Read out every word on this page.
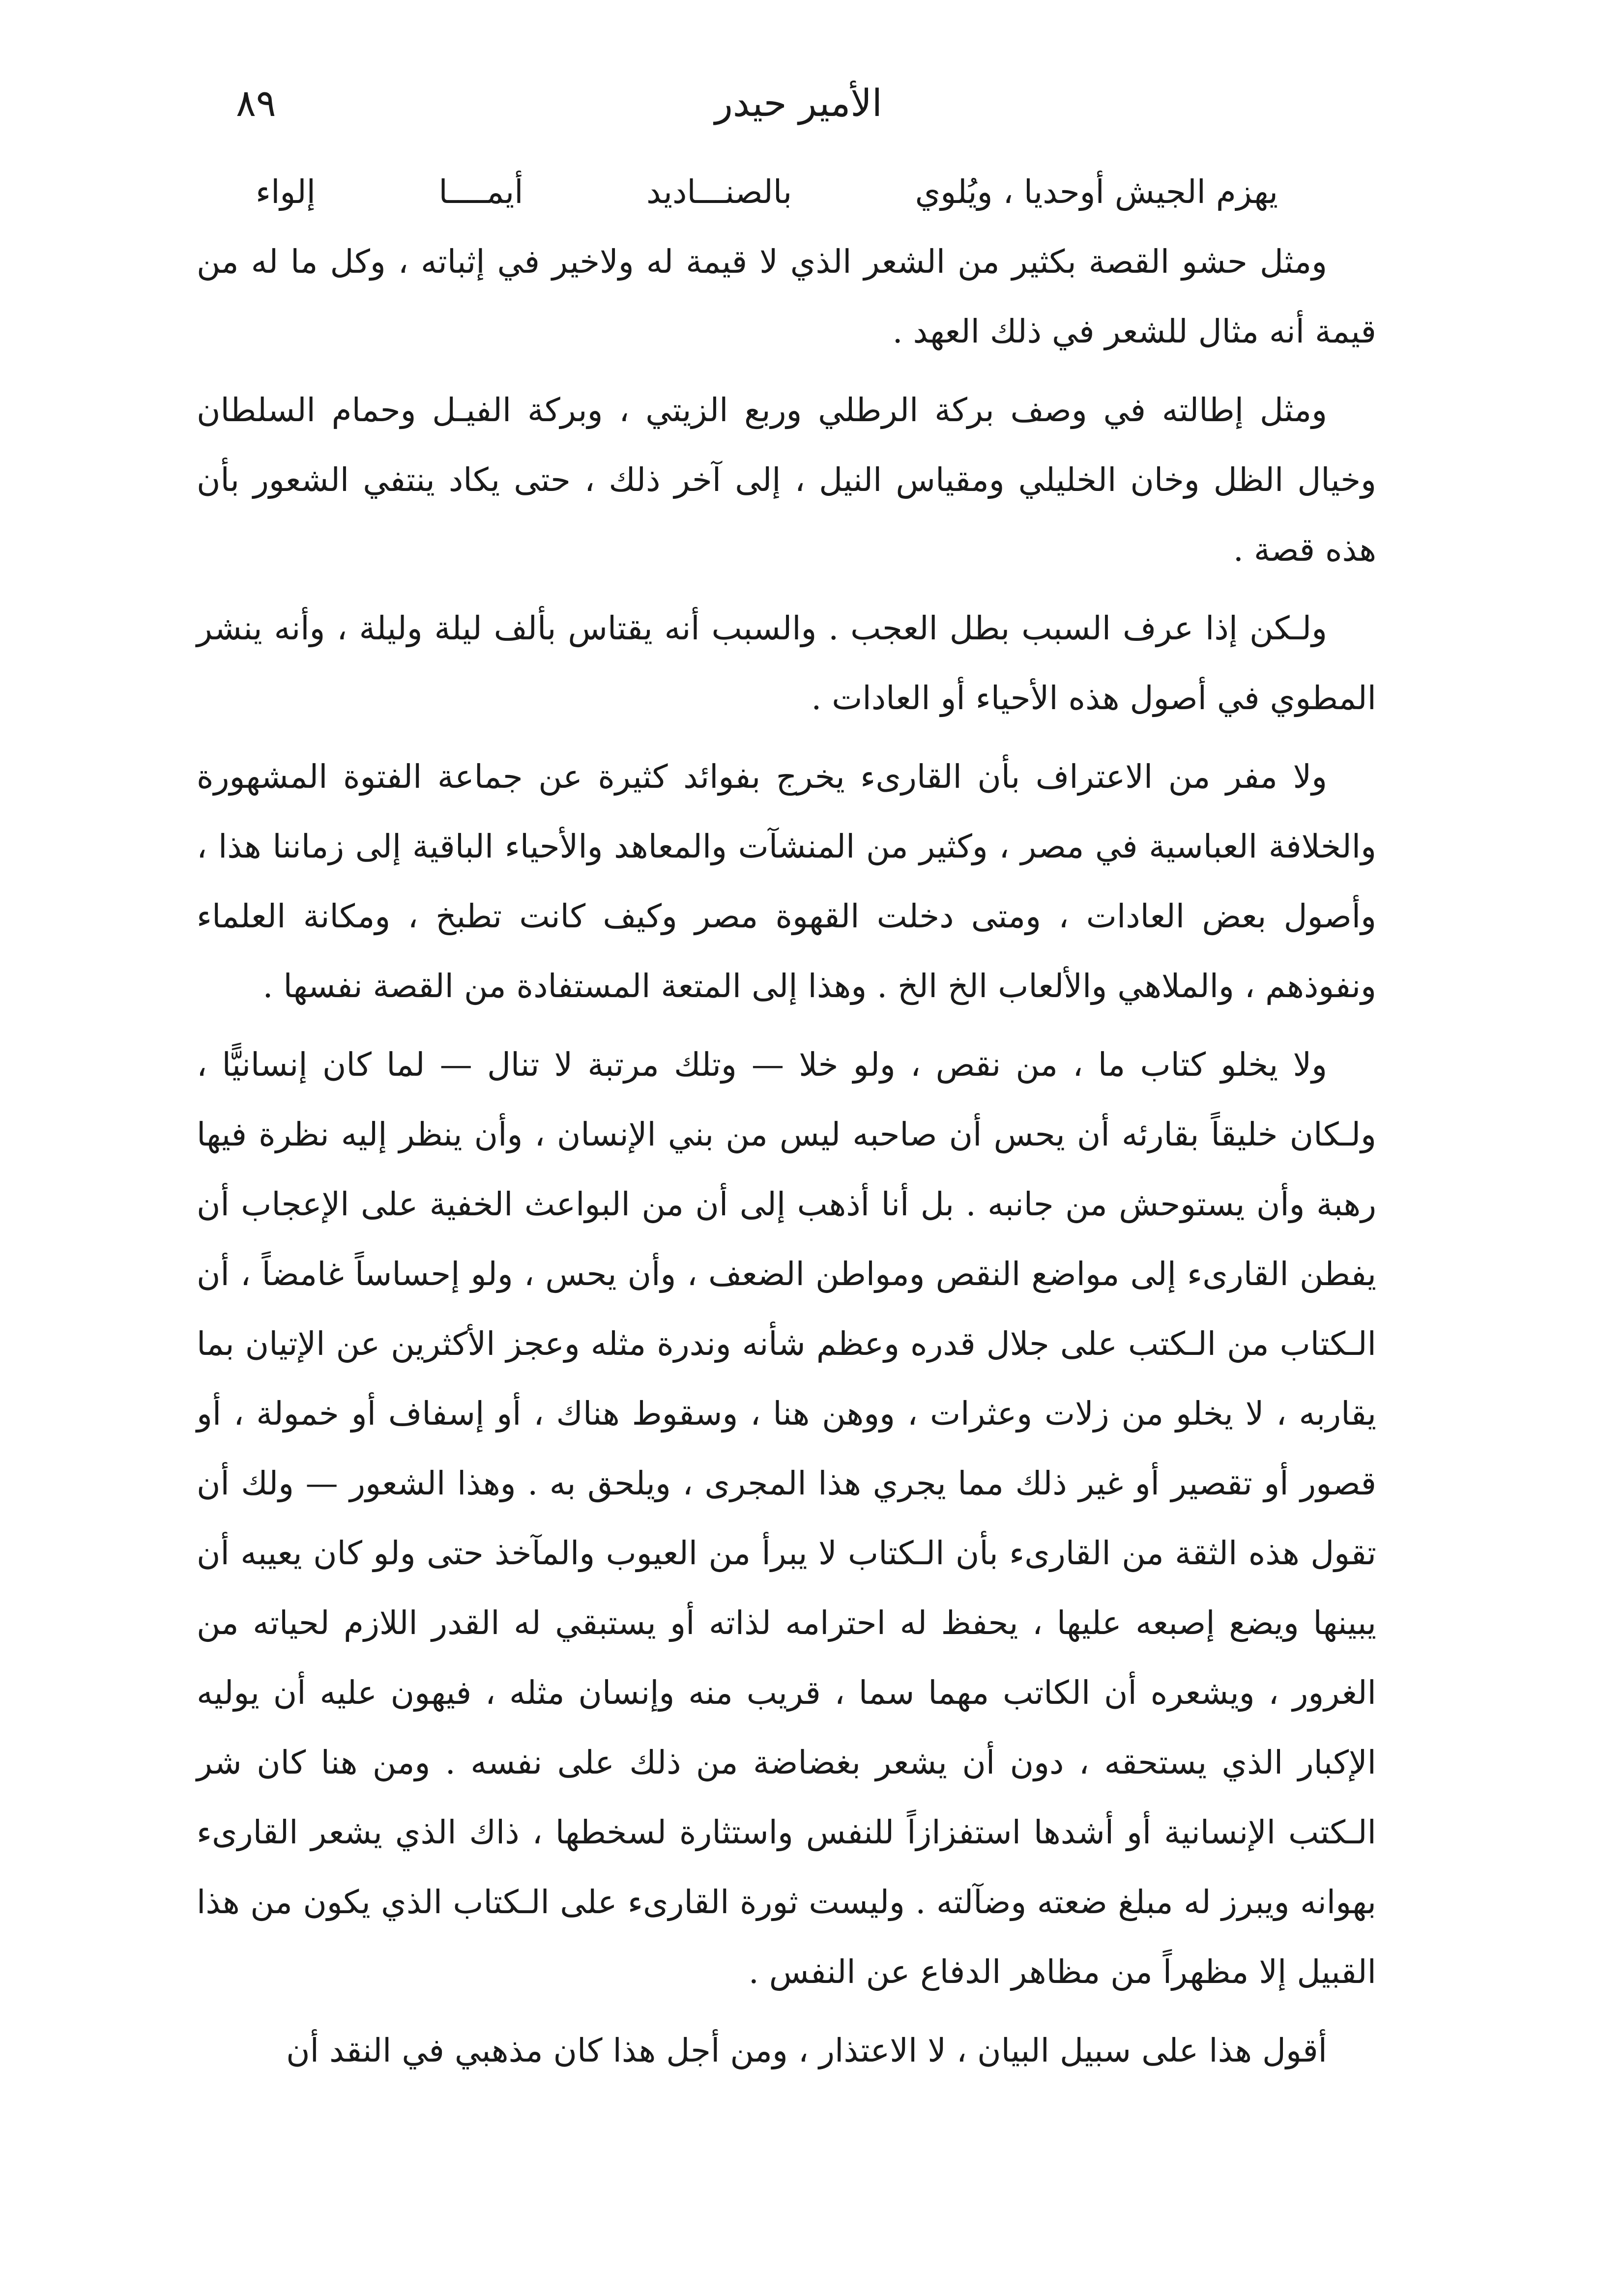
٨٩	الأمير حيدر
يهزم الجيش أوحديا ، ويُلوي
بالصنـــاديد
أيمــــا
إلواء

ومثل حشو القصة بكثير من الشعر الذي لا قيمة له ولاخير في إثباته ، وكل ما له من قيمة أنه مثال للشعر في ذلك العهد .

ومثل إطالته في وصف بركة الرطلي وربع الزيتي ، وبركة الفيـل وحمام السلطان وخيال الظل وخان الخليلي ومقياس النيل ، إلى آخر ذلك ، حتى يكاد ينتفي الشعور بأن هذه قصة .

ولـكن إذا عرف السبب بطل العجب . والسبب أنه يقتاس بألف ليلة وليلة ، وأنه ينشر المطوي في أصول هذه الأحياء أو العادات .

ولا مفر من الاعتراف بأن القارىء يخرج بفوائد كثيرة عن جماعة الفتوة المشهورة والخلافة العباسية في مصر ، وكثير من المنشآت والمعاهد والأحياء الباقية إلى زماننا هذا ، وأصول بعض العادات ، ومتى دخلت القهوة مصر وكيف كانت تطبخ ، ومكانة العلماء ونفوذهم ، والملاهي والألعاب الخ الخ . وهذا إلى المتعة المستفادة من القصة نفسها .

ولا يخلو كتاب ما ، من نقص ، ولو خلا — وتلك مرتبة لا تنال — لما كان إنسانيًّا ، ولـكان خليقاً بقارئه أن يحس أن صاحبه ليس من بني الإنسان ، وأن ينظر إليه نظرة فيها رهبة وأن يستوحش من جانبه . بل أنا أذهب إلى أن من البواعث الخفية على الإعجاب أن يفطن القارىء إلى مواضع النقص ومواطن الضعف ، وأن يحس ، ولو إحساساً غامضاً ، أن الـكتاب من الـكتب على جلال قدره وعظم شأنه وندرة مثله وعجز الأكثرين عن الإتيان بما يقاربه ، لا يخلو من زلات وعثرات ، ووهن هنا ، وسقوط هناك ، أو إسفاف أو خمولة ، أو قصور أو تقصير أو غير ذلك مما يجري هذا المجرى ، ويلحق به . وهذا الشعور — ولك أن تقول هذه الثقة من القارىء بأن الـكتاب لا يبرأ من العيوب والمآخذ حتى ولو كان يعيبه أن يبينها ويضع إصبعه عليها ، يحفظ له احترامه لذاته أو يستبقي له القدر اللازم لحياته من الغرور ، ويشعره أن الكاتب مهما سما ، قريب منه وإنسان مثله ، فيهون عليه أن يوليه الإكبار الذي يستحقه ، دون أن يشعر بغضاضة من ذلك على نفسه . ومن هنا كان شر الـكتب الإنسانية أو أشدها استفزازاً للنفس واستثارة لسخطها ، ذاك الذي يشعر القارىء بهوانه ويبرز له مبلغ ضعته وضآلته . وليست ثورة القارىء على الـكتاب الذي يكون من هذا القبيل إلا مظهراً من مظاهر الدفاع عن النفس .

أقول هذا على سبيل البيان ، لا الاعتذار ، ومن أجل هذا كان مذهبي في النقد أن
